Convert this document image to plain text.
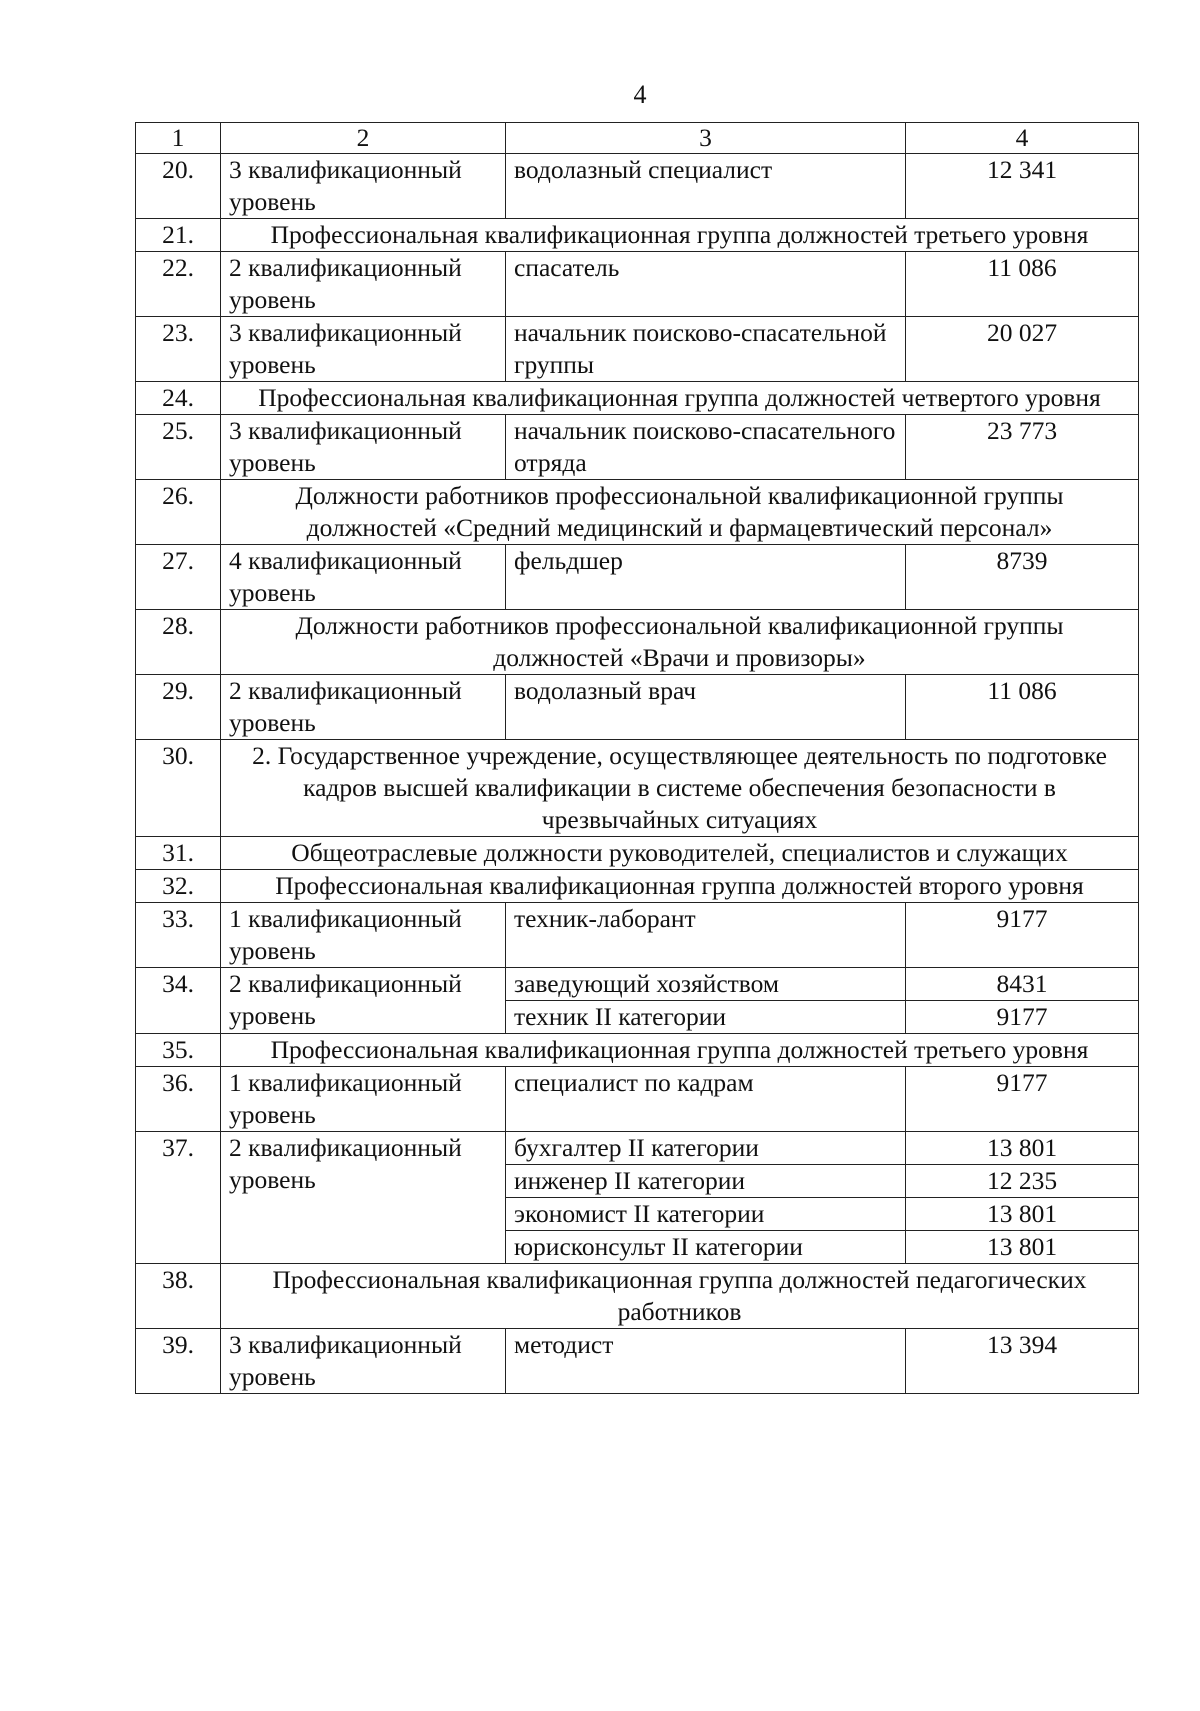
4
1	2	3	4
20.	3 квалификационный уровень	водолазный специалист	12 341
21.	Профессиональная квалификационная группа должностей третьего уровня		
22.	2 квалификационный уровень	спасатель	11 086
23.	3 квалификационный уровень	начальник поисково-спасательной группы	20 027
24.	Профессиональная квалификационная группа должностей четвертого уровня		
25.	3 квалификационный уровень	начальник поисково-спасательного отряда	23 773
26.	Должности работников профессиональной квалификационной группы должностей «Средний медицинский и фармацевтический персонал»		
27.	4 квалификационный уровень	фельдшер	8739
28.	Должности работников профессиональной квалификационной группы должностей «Врачи и провизоры»		
29.	2 квалификационный уровень	водолазный врач	11 086
30.	2. Государственное учреждение, осуществляющее деятельность по подготовке кадров высшей квалификации в системе обеспечения безопасности в чрезвычайных ситуациях		
31.	Общеотраслевые должности руководителей, специалистов и служащих		
32.	Профессиональная квалификационная группа должностей второго уровня		
33.	1 квалификационный уровень	техник-лаборант	9177
34.	2 квалификационный уровень	заведующий хозяйством	8431
		техник II категории	9177
35.	Профессиональная квалификационная группа должностей третьего уровня		
36.	1 квалификационный уровень	специалист по кадрам	9177
37.	2 квалификационный уровень	бухгалтер II категории	13 801
		инженер II категории	12 235
		экономист II категории	13 801
		юрисконсульт II категории	13 801
38.	Профессиональная квалификационная группа должностей педагогических работников		
39.	3 квалификационный уровень	методист	13 394
